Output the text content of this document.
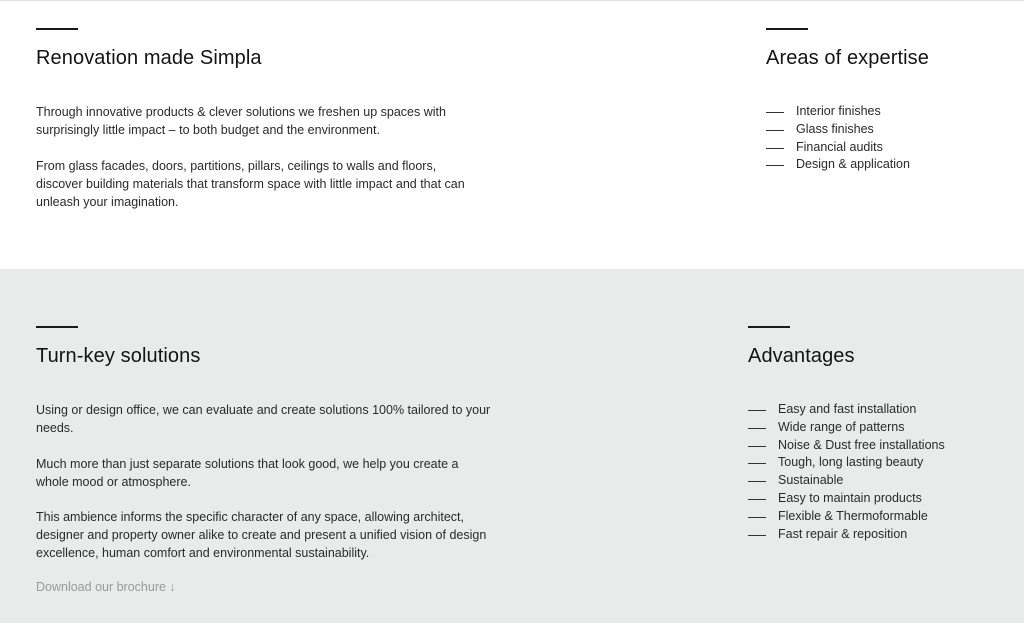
Renovation made Simpla
Through innovative products & clever solutions we freshen up spaces with
surprisingly little impact – to both budget and the environment.
From glass facades, doors, partitions, pillars, ceilings to walls and floors,
discover building materials that transform space with little impact and that can
unleash your imagination.
Areas of expertise
Interior finishes
Glass finishes
Financial audits
Design & application
Turn-key solutions
Using or design office, we can evaluate and create solutions 100% tailored to your
needs.
Much more than just separate solutions that look good, we help you create a
whole mood or atmosphere.
This ambience informs the specific character of any space, allowing architect,
designer and property owner alike to create and present a unified vision of design
excellence, human comfort and environmental sustainability.
Download our brochure ↓
Advantages
Easy and fast installation
Wide range of patterns
Noise & Dust free installations
Tough, long lasting beauty
Sustainable
Easy to maintain products
Flexible & Thermoformable
Fast repair & reposition
